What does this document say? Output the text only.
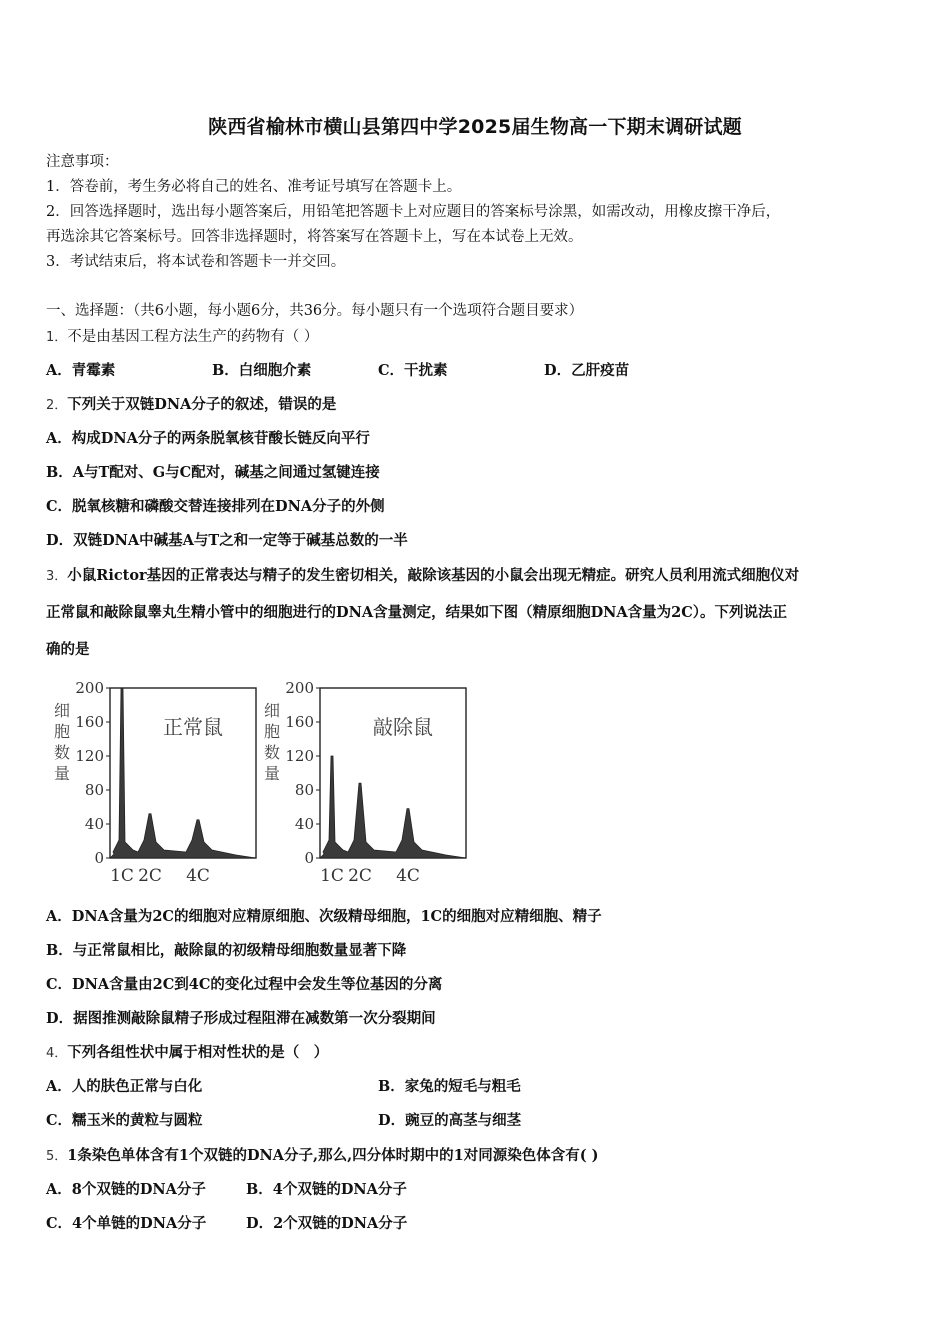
陕西省榆林市横山县第四中学2025届生物高一下期末调研试题
注意事项：
1．答卷前，考生务必将自己的姓名、准考证号填写在答题卡上。
2．回答选择题时，选出每小题答案后，用铅笔把答题卡上对应题目的答案标号涂黑，如需改动，用橡皮擦干净后，
再选涂其它答案标号。回答非选择题时，将答案写在答题卡上，写在本试卷上无效。
3．考试结束后，将本试卷和答题卡一并交回。
一、选择题：（共6小题，每小题6分，共36分。每小题只有一个选项符合题目要求）
1．不是由基因工程方法生产的药物有（ ）
A．青霉素	B．白细胞介素	C．干扰素	D．乙肝疫苗
2．下列关于双链DNA分子的叙述，错误的是
A．构成DNA分子的两条脱氧核苷酸长链反向平行
B．A与T配对、G与C配对，碱基之间通过氢键连接
C．脱氧核糖和磷酸交替连接排列在DNA分子的外侧
D．双链DNA中碱基A与T之和一定等于碱基总数的一半
3．小鼠Rictor基因的正常表达与精子的发生密切相关，敲除该基因的小鼠会出现无精症。研究人员利用流式细胞仪对
正常鼠和敲除鼠睾丸生精小管中的细胞进行的DNA含量测定，结果如下图（精原细胞DNA含量为2C）。下列说法正
确的是
200
160
120
80
40
0
细胞数量
正常鼠
1C 2C 4C
200
160
120
80
40
0
细胞数量
敲除鼠
1C 2C 4C
A．DNA含量为2C的细胞对应精原细胞、次级精母细胞，1C的细胞对应精细胞、精子
B．与正常鼠相比，敲除鼠的初级精母细胞数量显著下降
C．DNA含量由2C到4C的变化过程中会发生等位基因的分离
D．据图推测敲除鼠精子形成过程阻滞在减数第一次分裂期间
4．下列各组性状中属于相对性状的是（　）
A．人的肤色正常与白化	B．家兔的短毛与粗毛
C．糯玉米的黄粒与圆粒	D．豌豆的高茎与细茎
5．1条染色单体含有1个双链的DNA分子,那么,四分体时期中的1对同源染色体含有( )
A．8个双链的DNA分子	B．4个双链的DNA分子
C．4个单链的DNA分子	D．2个双链的DNA分子
